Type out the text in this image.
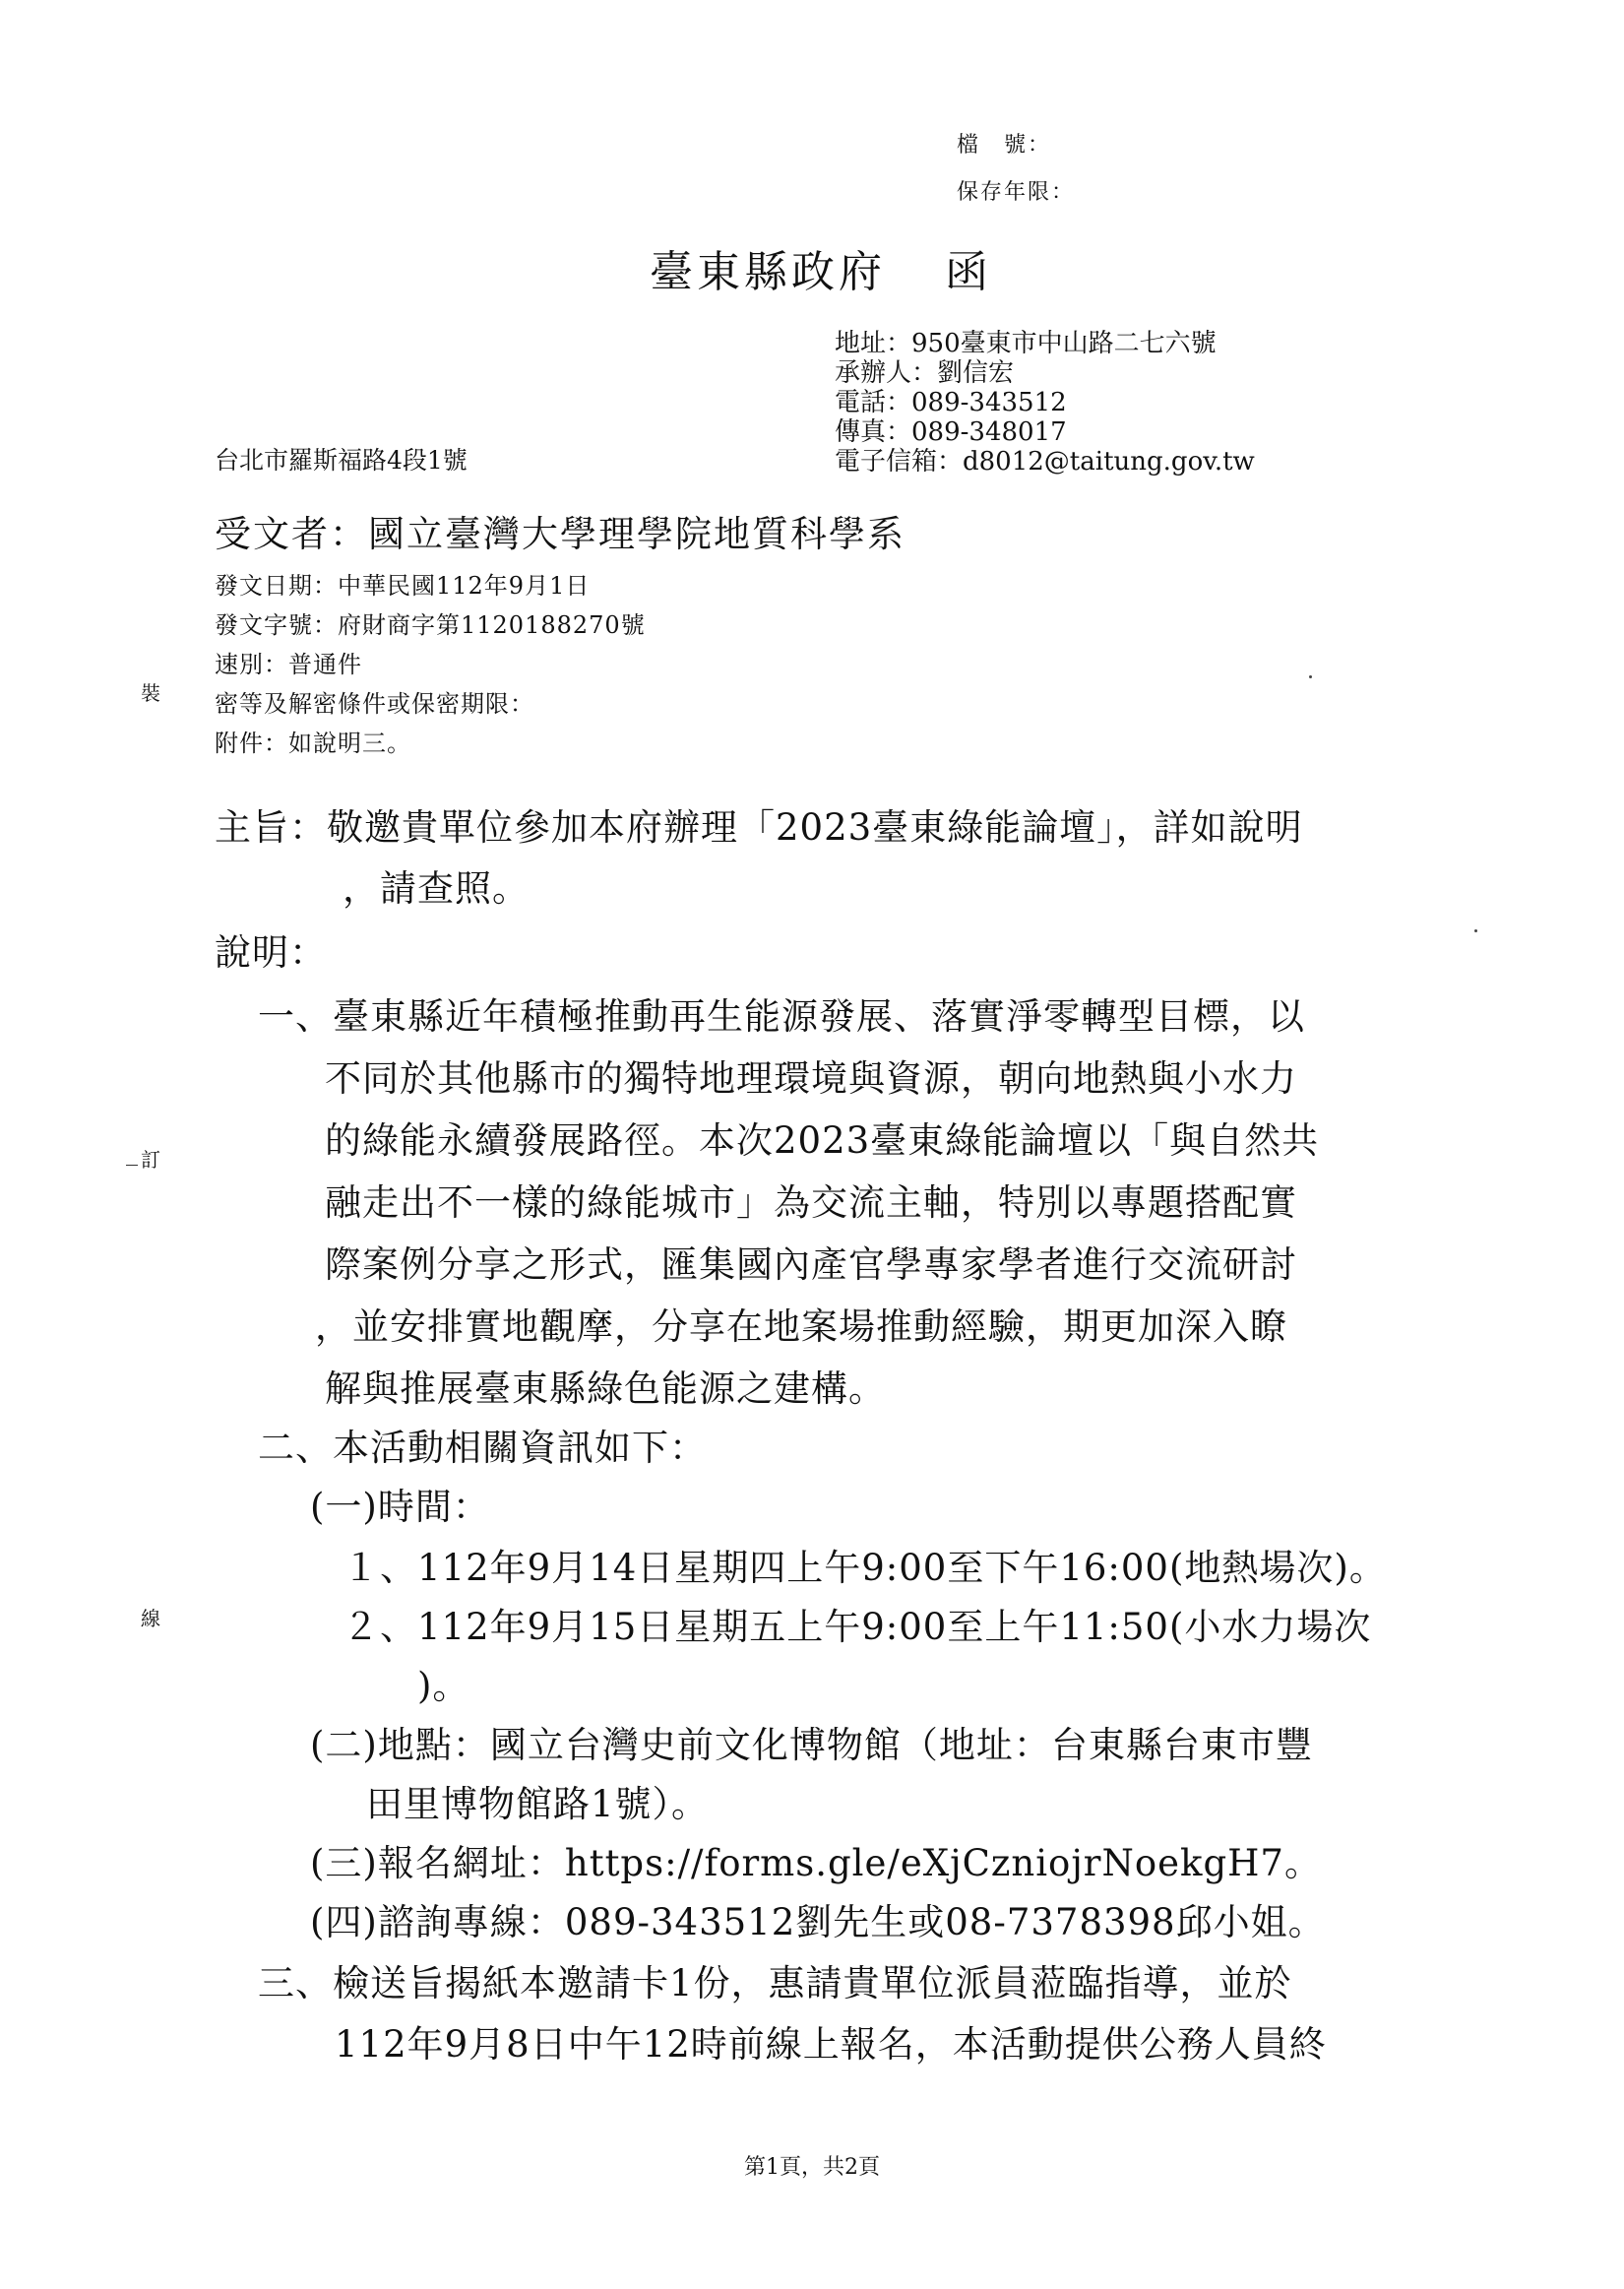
檔　號：
保存年限：
臺東縣政府 函
地址：950臺東市中山路二七六號
承辦人：劉信宏
電話：089-343512
傳真：089-348017
電子信箱：d8012@taitung.gov.tw
台北市羅斯福路4段1號
受文者：國立臺灣大學理學院地質科學系
發文日期：中華民國112年9月1日
發文字號：府財商字第1120188270號
速別：普通件
密等及解密條件或保密期限：
附件：如說明三。
裝
訂
線
主旨：敬邀貴單位參加本府辦理「2023臺東綠能論壇」，詳如說明
，請查照。
說明：
一、臺東縣近年積極推動再生能源發展、落實淨零轉型目標，以
不同於其他縣市的獨特地理環境與資源，朝向地熱與小水力
的綠能永續發展路徑。本次2023臺東綠能論壇以「與自然共
融走出不一樣的綠能城市」為交流主軸，特別以專題搭配實
際案例分享之形式，匯集國內產官學專家學者進行交流研討
，並安排實地觀摩，分享在地案場推動經驗，期更加深入瞭
解與推展臺東縣綠色能源之建構。
二、本活動相關資訊如下：
(一)時間：
１、112年9月14日星期四上午9:00至下午16:00(地熱場次)。
２、112年9月15日星期五上午9:00至上午11:50(小水力場次
)。
(二)地點：國立台灣史前文化博物館（地址：台東縣台東市豐
田里博物館路1號）。
(三)報名網址：https://forms.gle/eXjCzniojrNoekgH7。
(四)諮詢專線：089-343512劉先生或08-7378398邱小姐。
三、檢送旨揭紙本邀請卡1份，惠請貴單位派員蒞臨指導，並於
112年9月8日中午12時前線上報名，本活動提供公務人員終
第1頁，共2頁
